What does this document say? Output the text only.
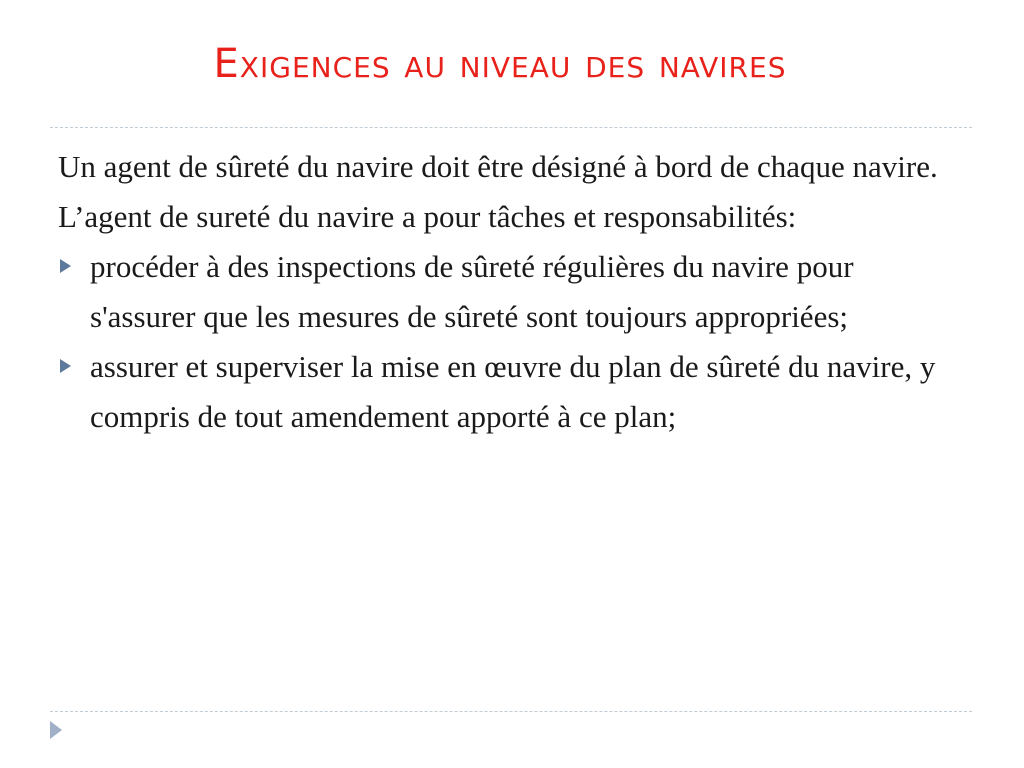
Exigences au niveau des navires

Un agent de sûreté du navire doit être désigné à bord de chaque navire.

L’agent de sureté du navire a pour tâches et responsabilités:

procéder à des inspections de sûreté régulières du navire pour s'assurer que les mesures de sûreté sont toujours appropriées;
assurer et superviser la mise en œuvre du plan de sûreté du navire, y compris de tout amendement apporté à ce plan;
